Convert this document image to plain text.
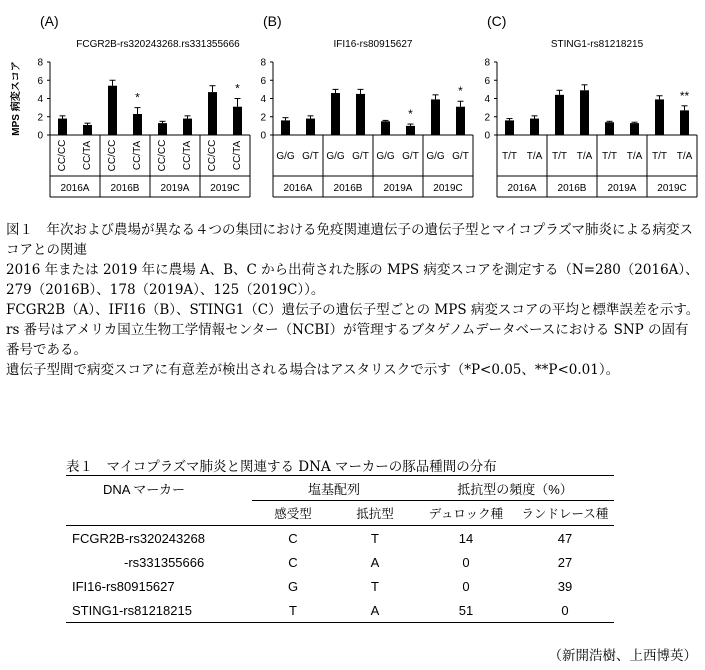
(A)
FCGR2B-rs320243268.rs331355666
MPS 病変スコア
0
2
4
6
8
CC/CC CC/TA CC/CC
*
CC/TA CC/CC CC/TA CC/CC
*
CC/TA
2016A 2016B 2019A 2019C
(B)
IFI16-rs80915627
0
2
4
6
8
G/G G/T G/G G/T G/G
*
G/T G/G
*
G/T
2016A 2016B 2019A 2019C
(C)
STING1-rs81218215
0
2
4
6
8
T/T T/A T/T T/A T/T T/A T/T
**
T/A
2016A 2016B 2019A 2019C

図１　年次および農場が異なる４つの集団における免疫関連遺伝子の遺伝子型とマイコプラズマ肺炎による病変スコアとの関連

2016 年または 2019 年に農場 A、B、C から出荷された豚の MPS 病変スコアを測定する（N=280（2016A）、279（2016B）、178（2019A）、125（2019C））。

FCGR2B（A）、IFI16（B）、STING1（C）遺伝子の遺伝子型ごとの MPS 病変スコアの平均と標準誤差を示す。rs 番号はアメリカ国立生物工学情報センター（NCBI）が管理するブタゲノムデータベースにおける SNP の固有番号である。

遺伝子型間で病変スコアに有意差が検出される場合はアスタリスクで示す（*P<0.05、**P<0.01）。

表１　マイコプラズマ肺炎と関連する DNA マーカーの豚品種間の分布
DNA マーカー	塩基配列		抵抗型の頻度（%）	
	感受型	抵抗型	デュロック種	ランドレース種
FCGR2B-rs320243268	C	T	14	47
-rs331355666	C	A	0	27
IFI16-rs80915627	G	T	0	39
STING1-rs81218215	T	A	51	0
（新開浩樹、上西博英）
